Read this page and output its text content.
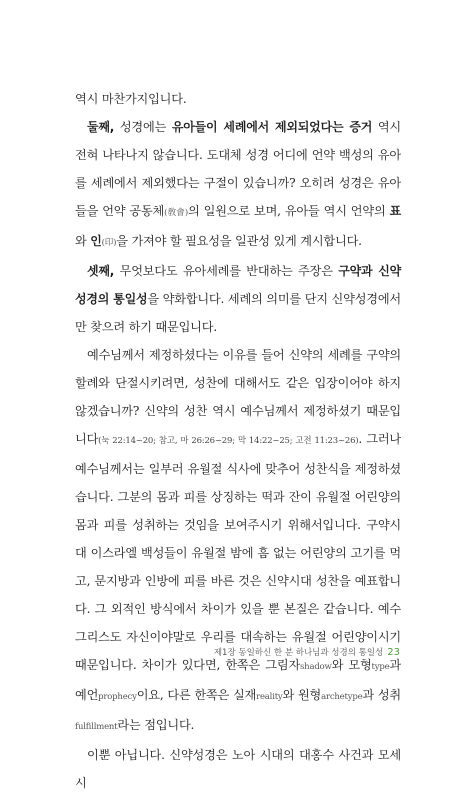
역시 마찬가지입니다.

둘째, 성경에는 유아들이 세례에서 제외되었다는 증거 역시 전혀 나타나지 않습니다. 도대체 성경 어디에 언약 백성의 유아를 세례에서 제외했다는 구절이 있습니까? 오히려 성경은 유아들을 언약 공동체(敎會)의 일원으로 보며, 유아들 역시 언약의 표와 인(印)을 가져야 할 필요성을 일관성 있게 계시합니다.

셋째, 무엇보다도 유아세례를 반대하는 주장은 구약과 신약성경의 통일성을 약화합니다. 세례의 의미를 단지 신약성경에서만 찾으려 하기 때문입니다.

예수님께서 제정하셨다는 이유를 들어 신약의 세례를 구약의 할례와 단절시키려면, 성찬에 대해서도 같은 입장이어야 하지 않겠습니까? 신약의 성찬 역시 예수님께서 제정하셨기 때문입니다(눅 22:14~20; 참고, 마 26:26~29; 막 14:22~25; 고전 11:23~26). 그러나 예수님께서는 일부러 유월절 식사에 맞추어 성찬식을 제정하셨습니다. 그분의 몸과 피를 상징하는 떡과 잔이 유월절 어린양의 몸과 피를 성취하는 것임을 보여주시기 위해서입니다. 구약시대 이스라엘 백성들이 유월절 밤에 흠 없는 어린양의 고기를 먹고, 문지방과 인방에 피를 바른 것은 신약시대 성찬을 예표합니다. 그 외적인 방식에서 차이가 있을 뿐 본질은 같습니다. 예수 그리스도 자신이야말로 우리를 대속하는 유월절 어린양이시기 때문입니다. 차이가 있다면, 한쪽은 그림자shadow와 모형type과 예언prophecy이요, 다른 한쪽은 실재reality와 원형archetype과 성취fulfillment라는 점입니다.

이뿐 아닙니다. 신약성경은 노아 시대의 대홍수 사건과 모세 시

제1장 동일하신 한 분 하나님과 성경의 통일성 23
